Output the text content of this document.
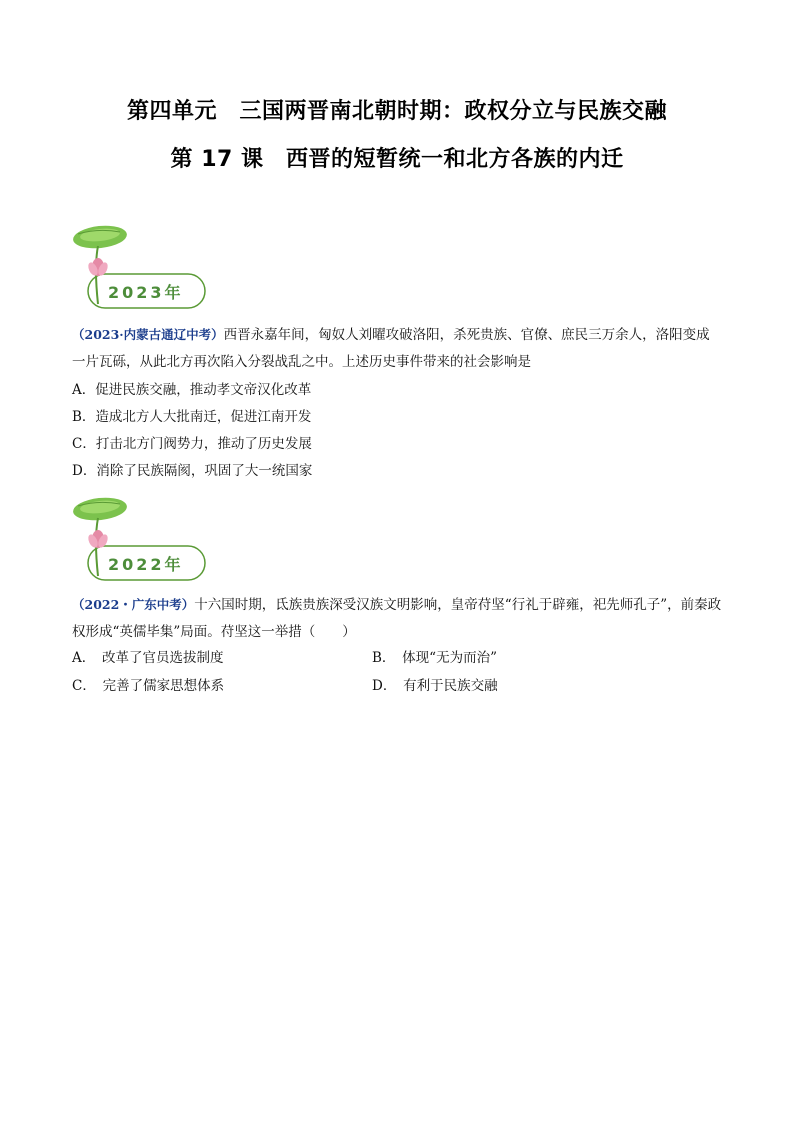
第四单元　三国两晋南北朝时期：政权分立与民族交融
第 17 课　西晋的短暂统一和北方各族的内迁
2023年
（2023·内蒙古通辽中考）西晋永嘉年间，匈奴人刘曜攻破洛阳，杀死贵族、官僚、庶民三万余人，洛阳变成一片瓦砾，从此北方再次陷入分裂战乱之中。上述历史事件带来的社会影响是
A．促进民族交融，推动孝文帝汉化改革
B．造成北方人大批南迁，促进江南开发
C．打击北方门阀势力，推动了历史发展
D．消除了民族隔阂，巩固了大一统国家
2022年
（2022・广东中考）十六国时期，氐族贵族深受汉族文明影响，皇帝苻坚“行礼于辟雍，祀先师孔子”，前秦政权形成“英儒毕集”局面。苻坚这一举措（　　）
A．　改革了官员选拔制度	B．　体现“无为而治”
C．　完善了儒家思想体系	D．　有利于民族交融
